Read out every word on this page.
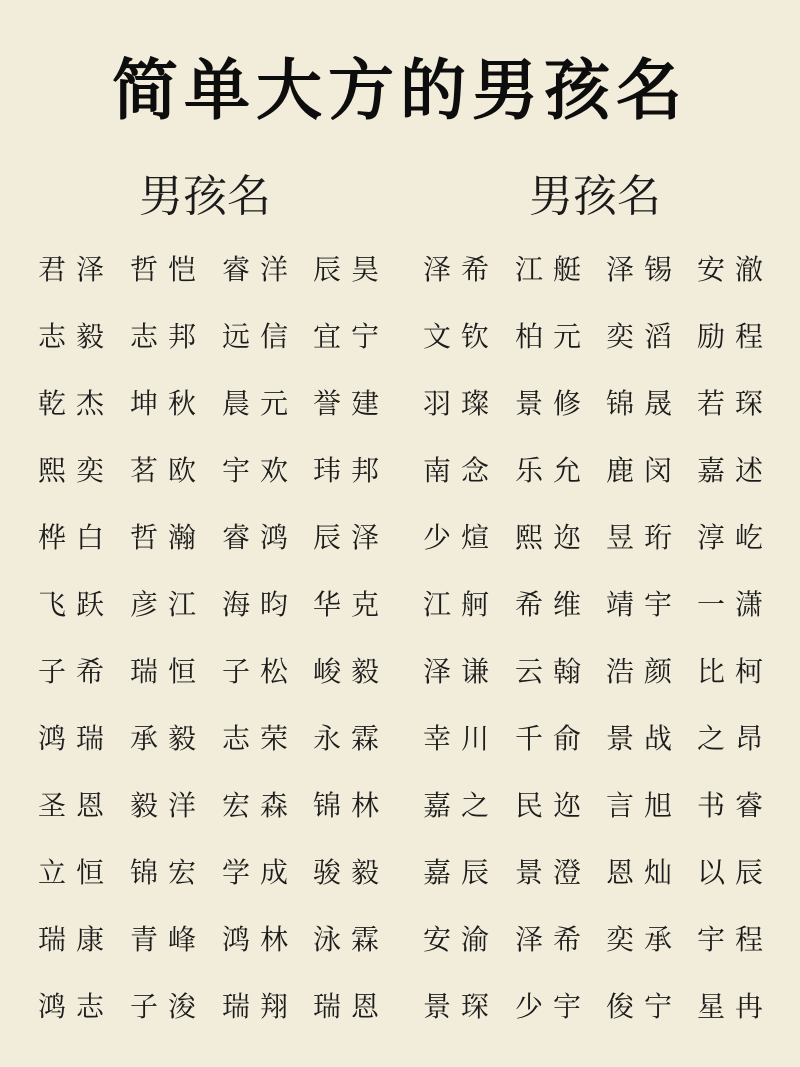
简单大方的男孩名
男孩名	男孩名
君泽 哲恺 睿洋 辰昊 泽希 江艇 泽锡 安澈
志毅 志邦 远信 宜宁 文钦 柏元 奕滔 励程
乾杰 坤秋 晨元 誉建 羽璨 景修 锦晟 若琛
熙奕 茗欧 宇欢 玮邦 南念 乐允 鹿闵 嘉述
桦白 哲瀚 睿鸿 辰泽 少煊 熙迩 昱珩 淳屹
飞跃 彦江 海昀 华克 江舸 希维 靖宇 一潇
子希 瑞恒 子松 峻毅 泽谦 云翰 浩颜 比柯
鸿瑞 承毅 志荣 永霖 幸川 千俞 景战 之昂
圣恩 毅洋 宏森 锦林 嘉之 民迩 言旭 书睿
立恒 锦宏 学成 骏毅 嘉辰 景澄 恩灿 以辰
瑞康 青峰 鸿林 泳霖 安渝 泽希 奕承 宇程
鸿志 子浚 瑞翔 瑞恩 景琛 少宇 俊宁 星冉
